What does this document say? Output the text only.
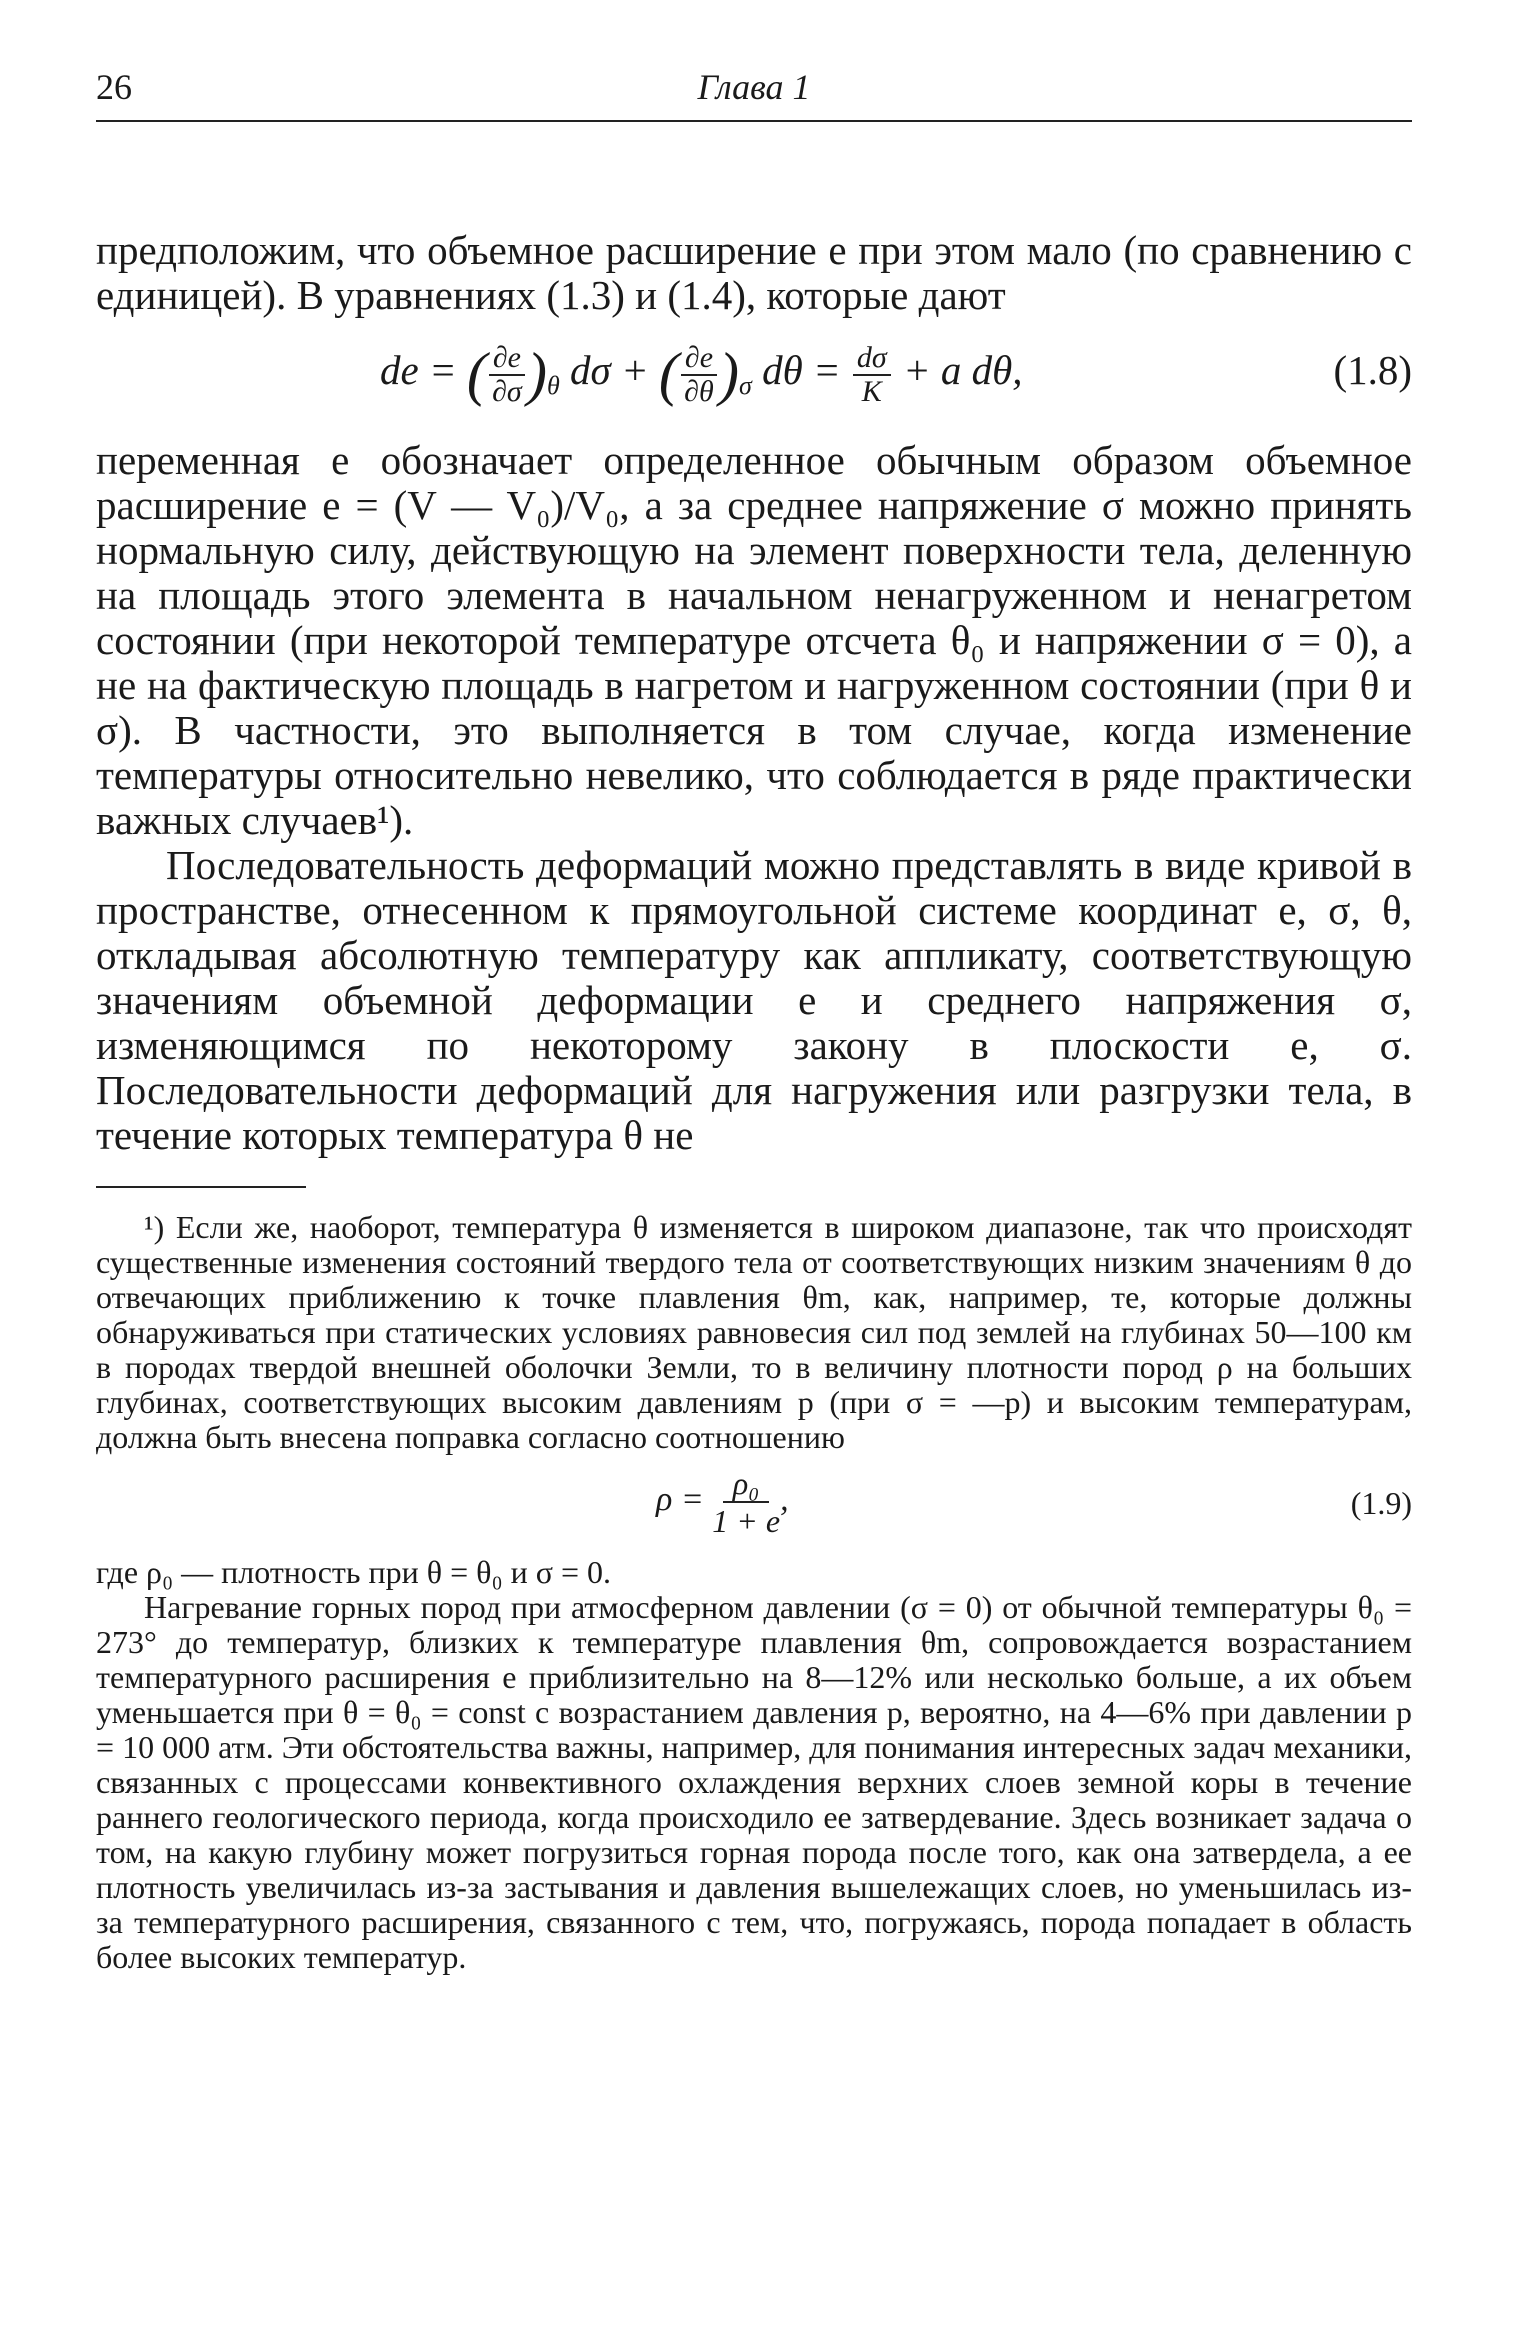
26	Глава 1

предположим, что объемное расширение e при этом мало (по сравнению с единицей). В уравнениях (1.3) и (1.4), которые дают

de = ( $\frac{\partial e}{\partial\sigma} )_\theta$ dσ + ( $\frac{\partial e}{\partial\theta} )_\sigma$ $d\theta = \frac{d\sigma}{K} + a$ dθ,	(1.8)

переменная e обозначает определенное обычным образом объемное расширение e = (V — V₀)/V₀, а за среднее напряжение σ можно принять нормальную силу, действующую на элемент поверхности тела, деленную на площадь этого элемента в начальном ненагруженном и ненагретом состоянии (при некоторой температуре отсчета θ₀ и напряжении σ = 0), а не на фактическую площадь в нагретом и нагруженном состоянии (при θ и σ). В частности, это выполняется в том случае, когда изменение температуры относительно невелико, что соблюдается в ряде практически важных случаев¹).

Последовательность деформаций можно представлять в виде кривой в пространстве, отнесенном к прямоугольной системе координат e, σ, θ, откладывая абсолютную температуру как аппликату, соответствующую значениям объемной деформации e и среднего напряжения σ, изменяющимся по некоторому закону в плоскости e, σ. Последовательности деформаций для нагружения или разгрузки тела, в течение которых температура θ не

¹) Если же, наоборот, температура θ изменяется в широком диапазоне, так что происходят существенные изменения состояний твердого тела от соответствующих низким значениям θ до отвечающих приближению к точке плавления θm, как, например, те, которые должны обнаруживаться при статических условиях равновесия сил под землей на глубинах 50—100 км в породах твердой внешней оболочки Земли, то в величину плотности пород ρ на больших глубинах, соответствующих высоким давлениям p (при σ = —p) и высоким температурам, должна быть внесена поправка согласно соотношению

$\rho = \frac{\text{ρ₀}}{1 + e}$ ,	(1.9)

где ρ₀ — плотность при θ = θ₀ и σ = 0.

Нагревание горных пород при атмосферном давлении (σ = 0) от обычной температуры θ₀ = 273° до температур, близких к температуре плавления θm, сопровождается возрастанием температурного расширения e приблизительно на 8—12% или несколько больше, а их объем уменьшается при θ = θ₀ = const с возрастанием давления p, вероятно, на 4—6% при давлении p = 10 000 атм. Эти обстоятельства важны, например, для понимания интересных задач механики, связанных с процессами конвективного охлаждения верхних слоев земной коры в течение раннего геологического периода, когда происходило ее затвердевание. Здесь возникает задача о том, на какую глубину может погрузиться горная порода после того, как она затвердела, а ее плотность увеличилась из-за застывания и давления вышележащих слоев, но уменьшилась из-за температурного расширения, связанного с тем, что, погружаясь, порода попадает в область более высоких температур.
